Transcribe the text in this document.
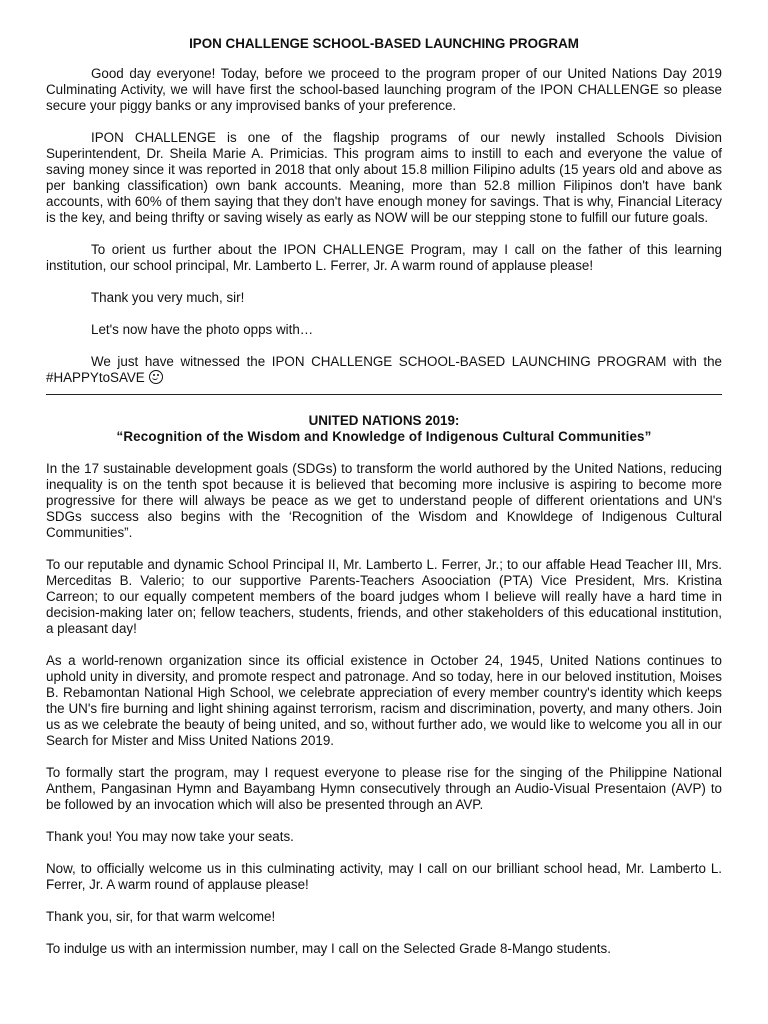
IPON CHALLENGE SCHOOL-BASED LAUNCHING PROGRAM
Good day everyone! Today, before we proceed to the program proper of our United Nations Day 2019 Culminating Activity, we will have first the school-based launching program of the IPON CHALLENGE so please secure your piggy banks or any improvised banks of your preference.
IPON CHALLENGE is one of the flagship programs of our newly installed Schools Division Superintendent, Dr. Sheila Marie A. Primicias. This program aims to instill to each and everyone the value of saving money since it was reported in 2018 that only about 15.8 million Filipino adults (15 years old and above as per banking classification) own bank accounts. Meaning, more than 52.8 million Filipinos don't have bank accounts, with 60% of them saying that they don't have enough money for savings. That is why, Financial Literacy is the key, and being thrifty or saving wisely as early as NOW will be our stepping stone to fulfill our future goals.
To orient us further about the IPON CHALLENGE Program, may I call on the father of this learning institution, our school principal, Mr. Lamberto L. Ferrer, Jr. A warm round of applause please!
Thank you very much, sir!
Let's now have the photo opps with…
We just have witnessed the IPON CHALLENGE SCHOOL-BASED LAUNCHING PROGRAM with the #HAPPYtoSAVE
UNITED NATIONS 2019:
“Recognition of the Wisdom and Knowledge of Indigenous Cultural Communities”
In the 17 sustainable development goals (SDGs) to transform the world authored by the United Nations, reducing inequality is on the tenth spot because it is believed that becoming more inclusive is aspiring to become more progressive for there will always be peace as we get to understand people of different orientations and UN's SDGs success also begins with the ‘Recognition of the Wisdom and Knowldege of Indigenous Cultural Communities”.
To our reputable and dynamic School Principal II, Mr. Lamberto L. Ferrer, Jr.; to our affable Head Teacher III, Mrs. Merceditas B. Valerio; to our supportive Parents-Teachers Asoociation (PTA) Vice President, Mrs. Kristina Carreon; to our equally competent members of the board judges whom I believe will really have a hard time in decision-making later on; fellow teachers, students, friends, and other stakeholders of this educational institution, a pleasant day!
As a world-renown organization since its official existence in October 24, 1945, United Nations continues to uphold unity in diversity, and promote respect and patronage. And so today, here in our beloved institution, Moises B. Rebamontan National High School, we celebrate appreciation of every member country's identity which keeps the UN's fire burning and light shining against terrorism, racism and discrimination, poverty, and many others. Join us as we celebrate the beauty of being united, and so, without further ado, we would like to welcome you all in our Search for Mister and Miss United Nations 2019.
To formally start the program, may I request everyone to please rise for the singing of the Philippine National Anthem, Pangasinan Hymn and Bayambang Hymn consecutively through an Audio-Visual Presentaion (AVP) to be followed by an invocation which will also be presented through an AVP.
Thank you! You may now take your seats.
Now, to officially welcome us in this culminating activity, may I call on our brilliant school head, Mr. Lamberto L. Ferrer, Jr. A warm round of applause please!
Thank you, sir, for that warm welcome!
To indulge us with an intermission number, may I call on the Selected Grade 8-Mango students.
